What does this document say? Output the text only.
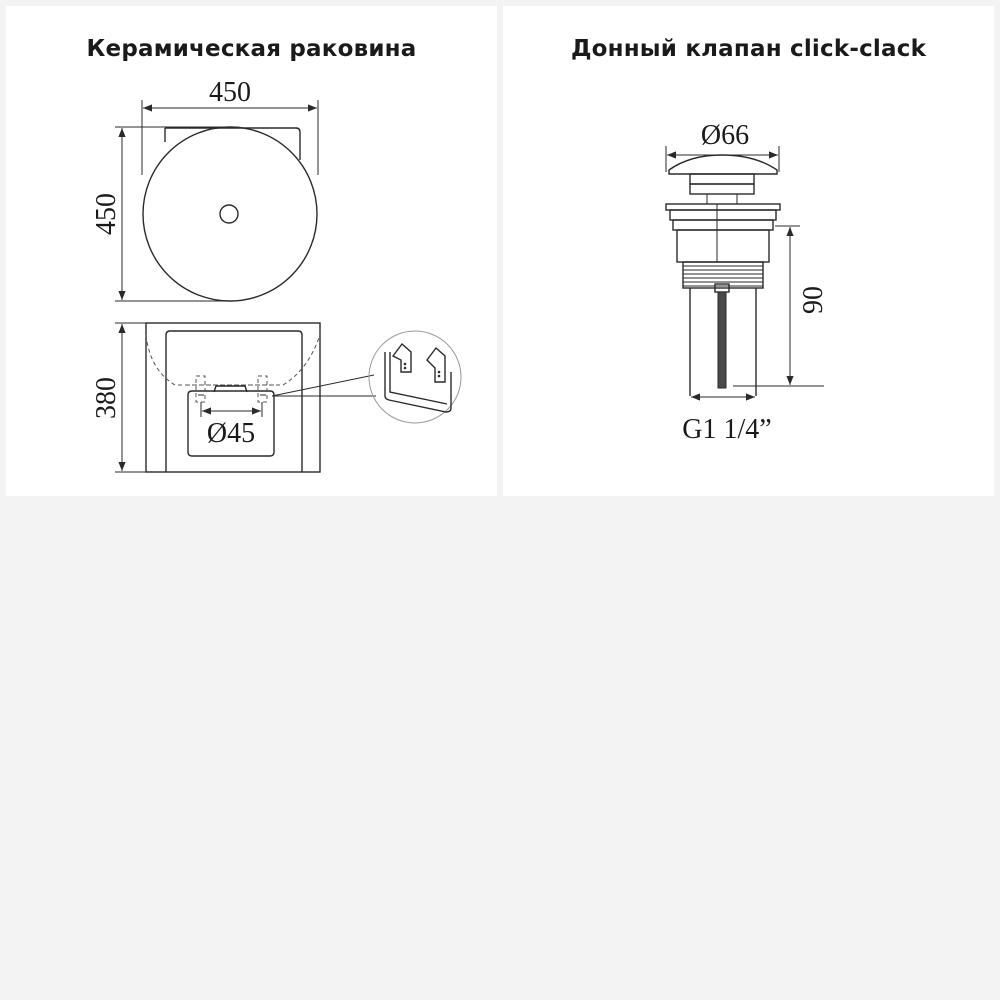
Керамическая раковина	Донный клапан click-clack
450
450
380
Ø45
Ø66
90
G1 1/4”
